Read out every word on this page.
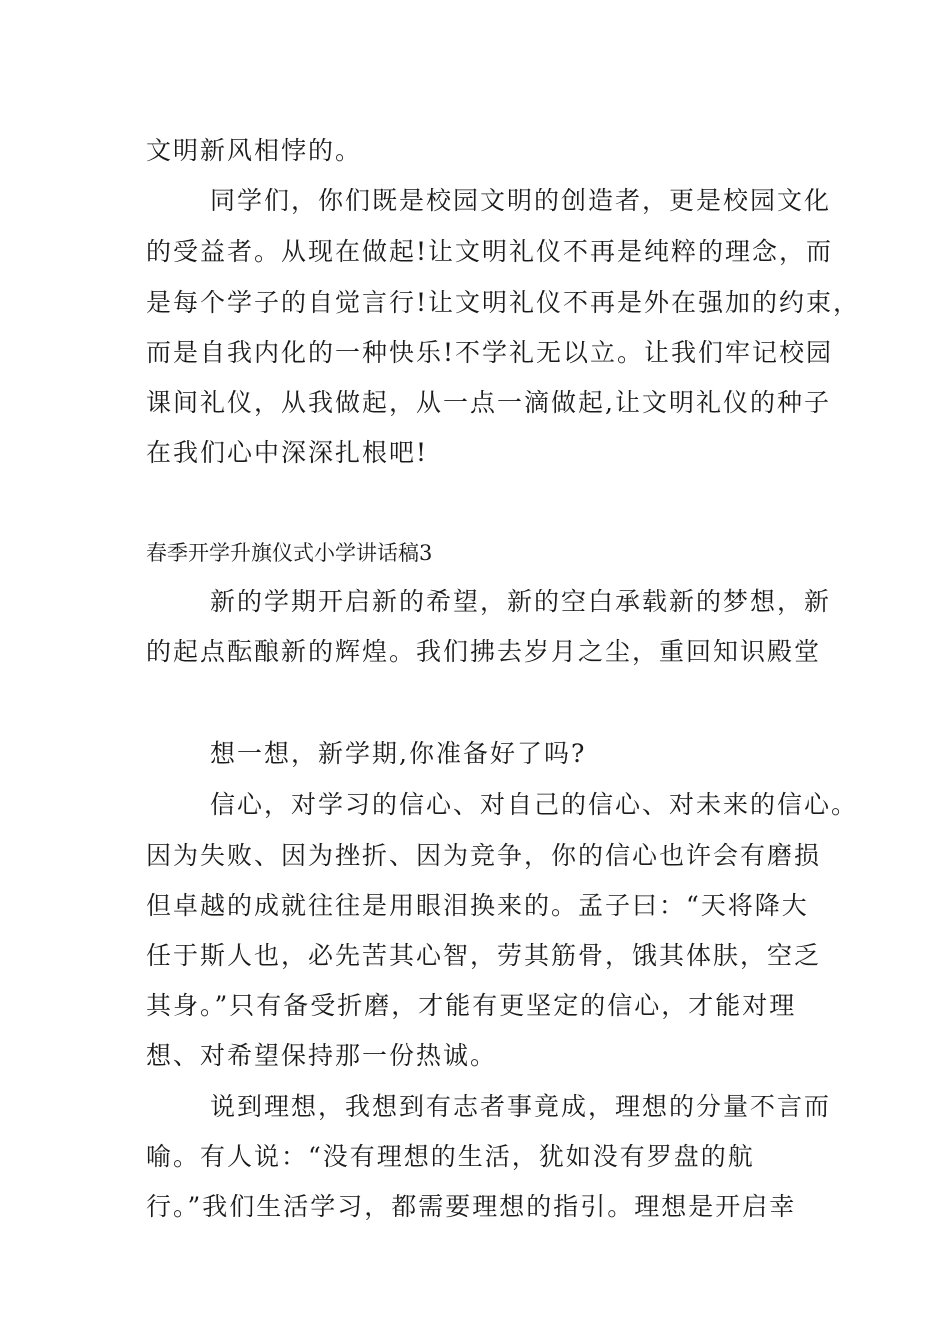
文明新风相悖的。
同学们，你们既是校园文明的创造者，更是校园文化
的受益者。从现在做起!让文明礼仪不再是纯粹的理念，而
是每个学子的自觉言行!让文明礼仪不再是外在强加的约束，
而是自我内化的一种快乐!不学礼无以立。让我们牢记校园
课间礼仪，从我做起，从一点一滴做起,让文明礼仪的种子
在我们心中深深扎根吧!
春季开学升旗仪式小学讲话稿3
新的学期开启新的希望，新的空白承载新的梦想，新
的起点酝酿新的辉煌。我们拂去岁月之尘，重回知识殿堂
想一想，新学期,你准备好了吗?
信心，对学习的信心、对自己的信心、对未来的信心。
因为失败、因为挫折、因为竞争，你的信心也许会有磨损
但卓越的成就往往是用眼泪换来的。孟子曰：“天将降大
任于斯人也，必先苦其心智，劳其筋骨，饿其体肤，空乏
其身。”只有备受折磨，才能有更坚定的信心，才能对理
想、对希望保持那一份热诚。
说到理想，我想到有志者事竟成，理想的分量不言而
喻。有人说：“没有理想的生活，犹如没有罗盘的航
行。”我们生活学习，都需要理想的指引。理想是开启幸
